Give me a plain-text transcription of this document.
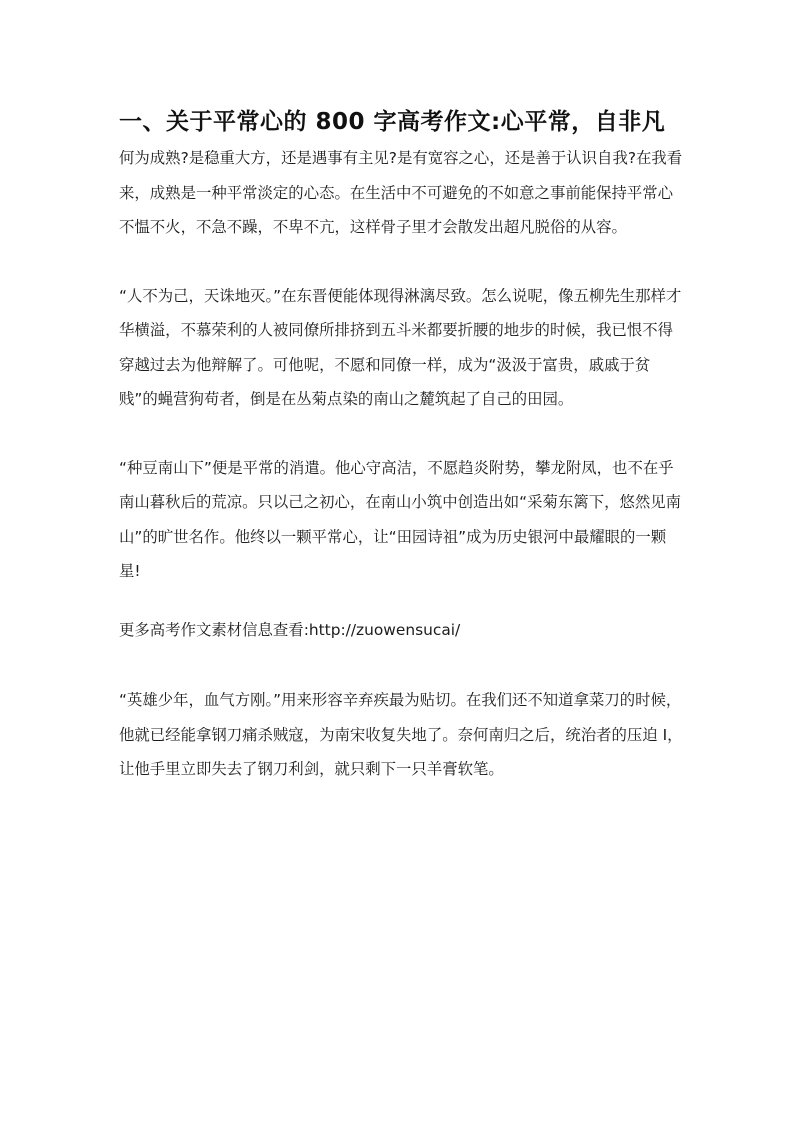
一、关于平常心的 800 字高考作文:心平常，自非凡

何为成熟?是稳重大方，还是遇事有主见?是有宽容之心，还是善于认识自我?在我看来，成熟是一种平常淡定的心态。在生活中不可避免的不如意之事前能保持平常心不愠不火，不急不躁，不卑不亢，这样骨子里才会散发出超凡脱俗的从容。

“人不为己，天诛地灭。”在东晋便能体现得淋漓尽致。怎么说呢，像五柳先生那样才华横溢，不慕荣利的人被同僚所排挤到五斗米都要折腰的地步的时候，我已恨不得穿越过去为他辩解了。可他呢，不愿和同僚一样，成为“汲汲于富贵，戚戚于贫贱”的蝇营狗苟者，倒是在丛菊点染的南山之麓筑起了自己的田园。

“种豆南山下”便是平常的消遣。他心守高洁，不愿趋炎附势，攀龙附凤，也不在乎南山暮秋后的荒凉。只以己之初心，在南山小筑中创造出如“采菊东篱下，悠然见南山”的旷世名作。他终以一颗平常心，让“田园诗祖”成为历史银河中最耀眼的一颗星!

更多高考作文素材信息查看:http://zuowensucai/

“英雄少年，血气方刚。”用来形容辛弃疾最为贴切。在我们还不知道拿菜刀的时候，他就已经能拿钢刀痛杀贼寇，为南宋收复失地了。奈何南归之后，统治者的压迫 I，让他手里立即失去了钢刀利剑，就只剩下一只羊膏软笔。
